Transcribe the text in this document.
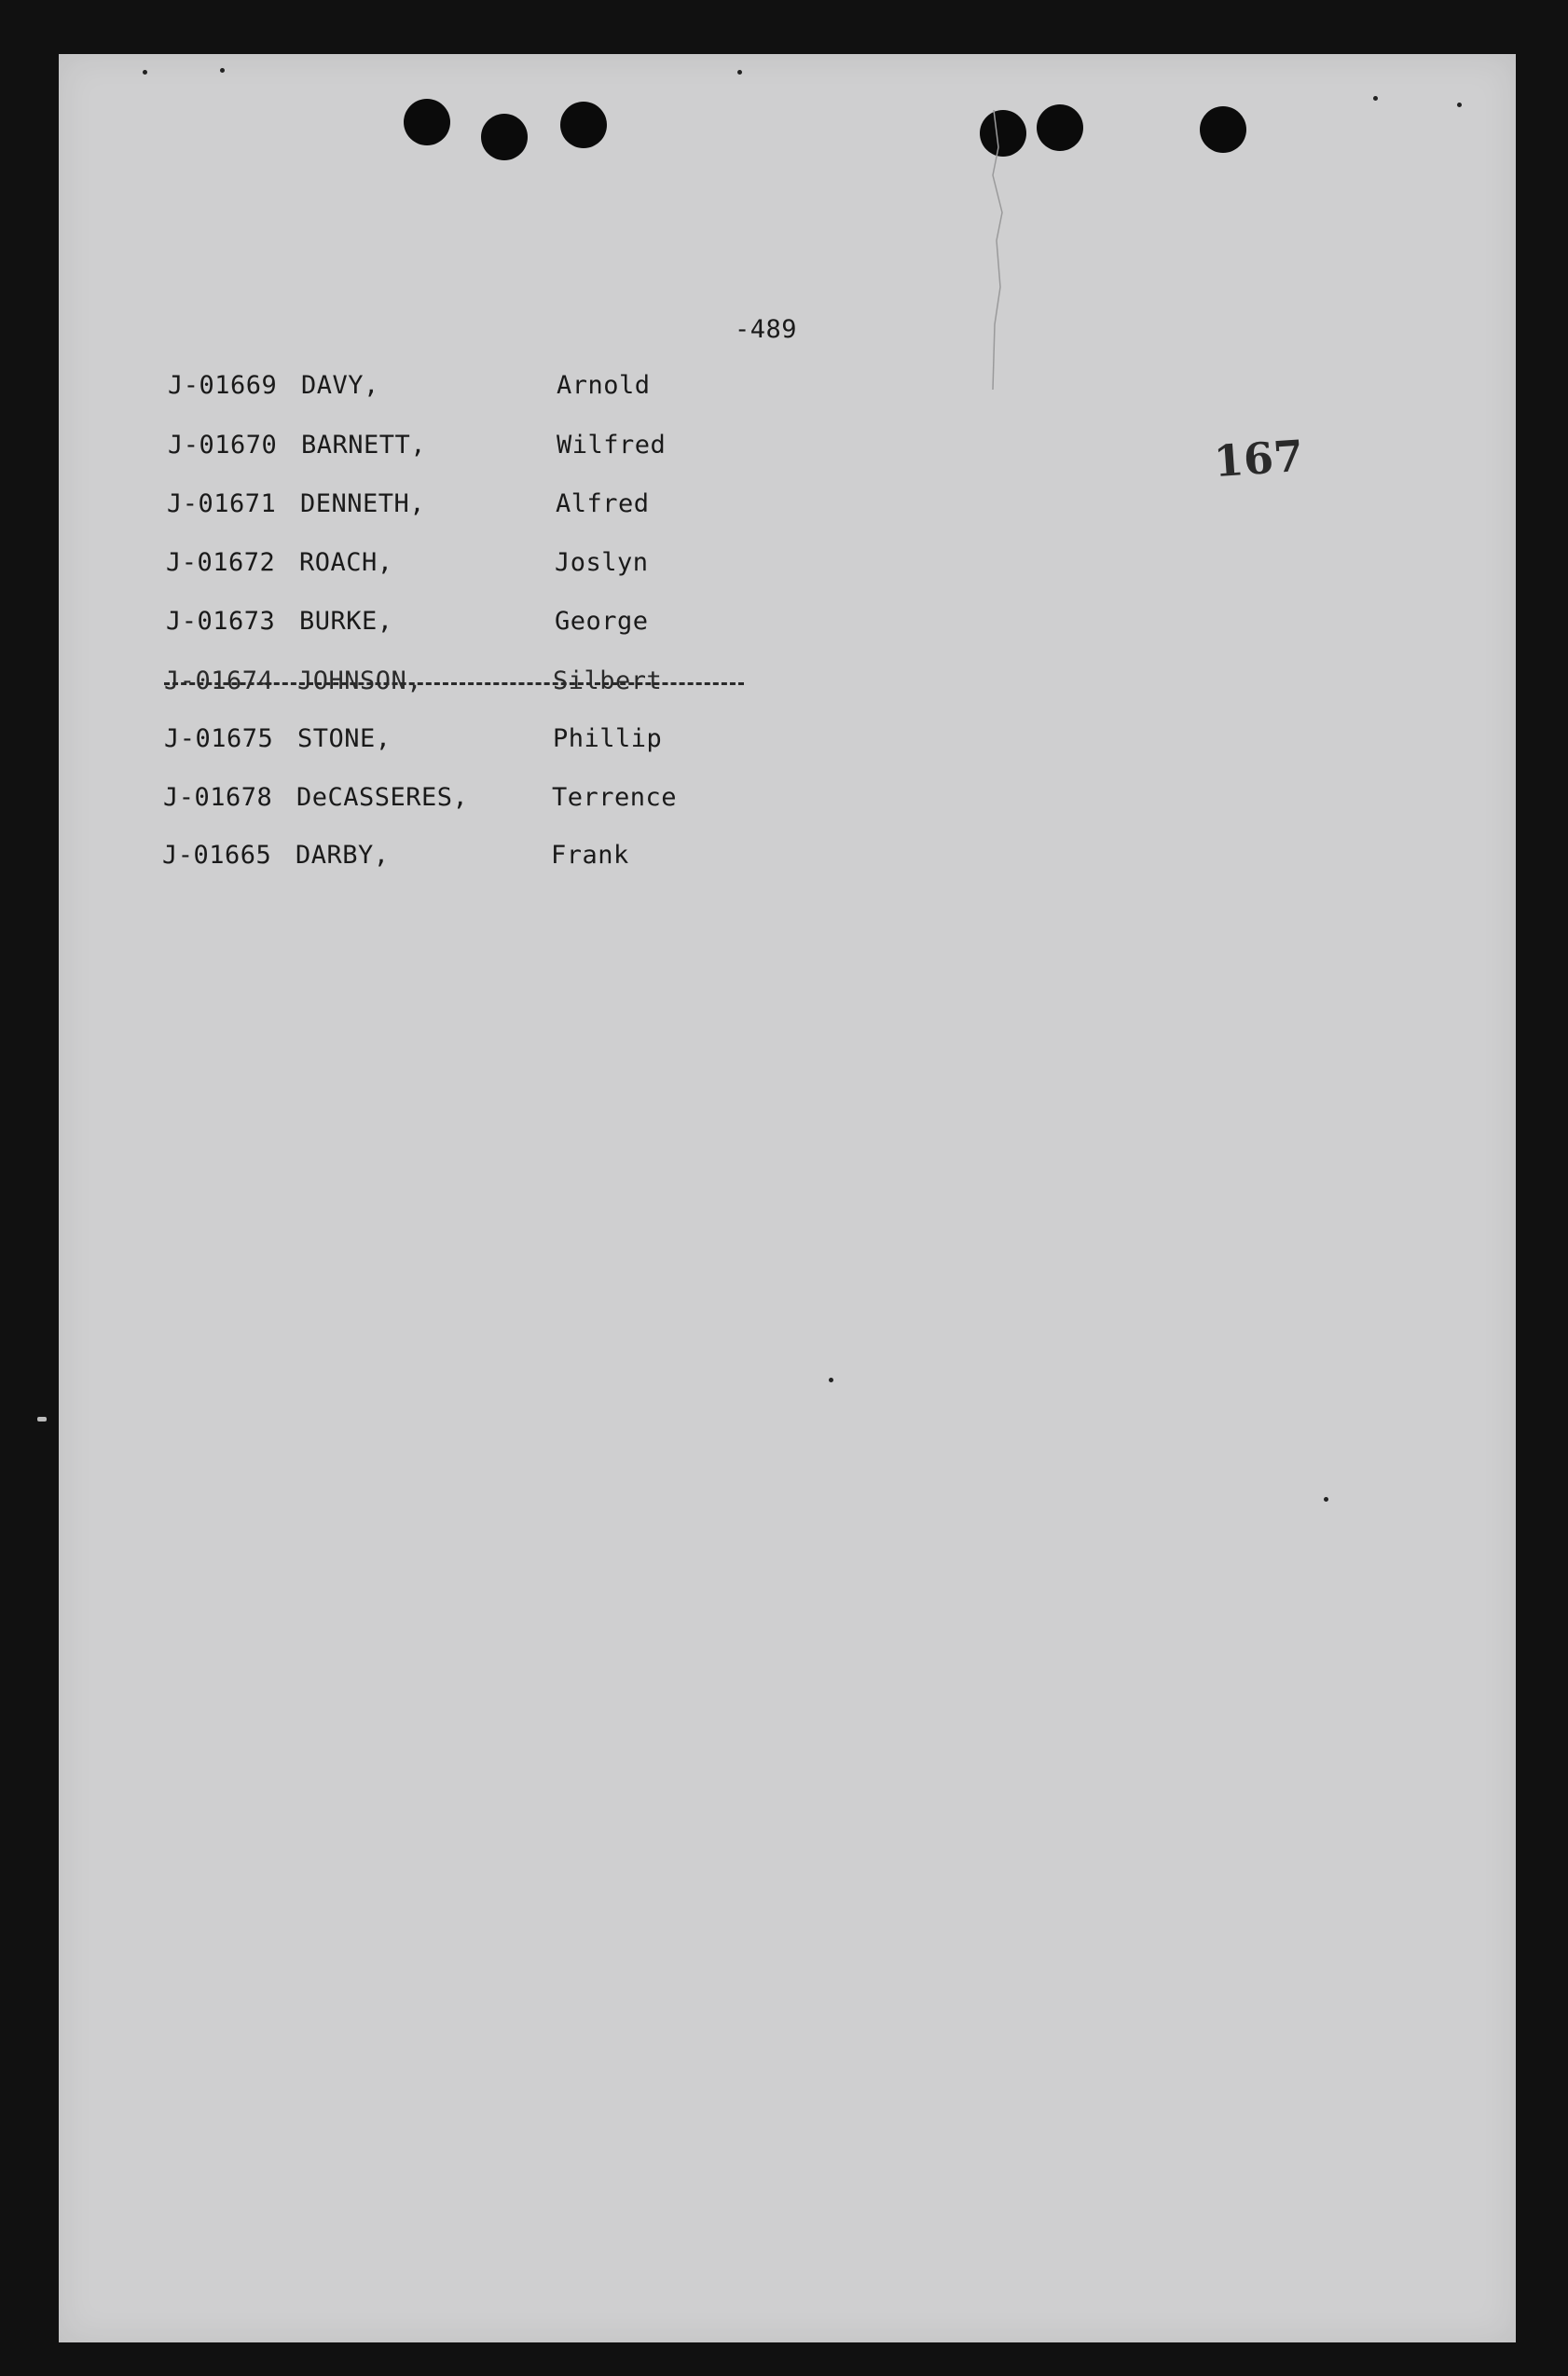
-489
167
J-01669 DAVY,	Arnold
J-01670 BARNETT,	Wilfred
J-01671 DENNETH,	Alfred
J-01672 ROACH,	Joslyn
J-01673 BURKE,	George
J-01674 JOHNSON,	Silbert
J-01675 STONE,	Phillip
J-01678 DeCASSERES,	Terrence
J-01665 DARBY,	Frank
